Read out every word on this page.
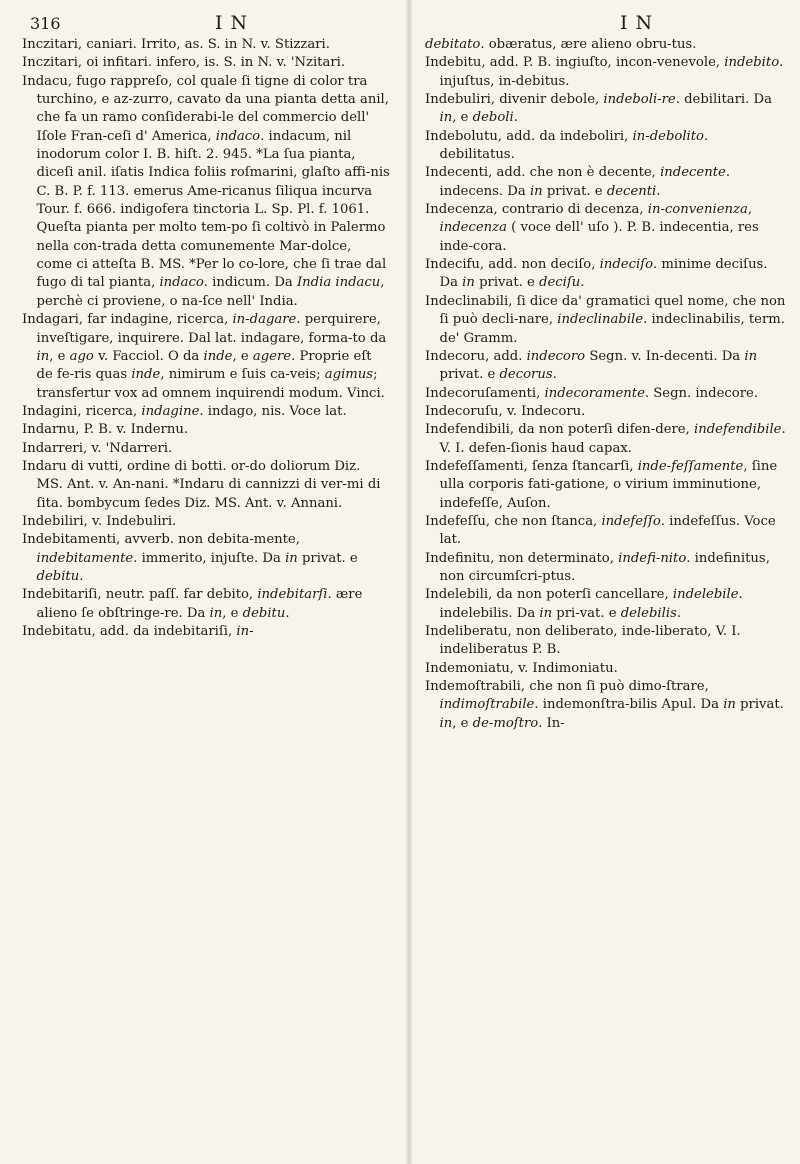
316	I N	I N

Inczitari, caniari. Irrito, as. S. in N. v. Stizzari.

Inczitari, oi infitari. infero, is. S. in N. v. 'Nzitari.

Indacu, fugo rappreſo, col quale ſi tigne di color tra turchino, e az-zurro, cavato da una pianta detta anil, che fa un ramo conſiderabi-le del commercio dell' Iſole Fran-ceſi d' America, indaco. indacum, nil inodorum color I. B. hiſt. 2. 945. *La ſua pianta, diceſi anil. iſatis Indica foliis roſmarini, glaſto affi-nis C. B. P. f. 113. emerus Ame-ricanus ſiliqua incurva Tour. f. 666. indigofera tinctoria L. Sp. Pl. f. 1061. Queſta pianta per molto tem-po ſi coltivò in Palermo nella con-trada detta comunemente Mar-dolce, come ci atteſta B. MS. *Per lo co-lore, che ſi trae dal fugo di tal pianta, indaco. indicum. Da India indacu, perchè ci proviene, o na-ſce nell' India.

Indagari, far indagine, ricerca, in-dagare. perquirere, inveſtigare, inquirere. Dal lat. indagare, forma-to da in, e ago v. Facciol. O da inde, e agere. Proprie eſt de fe-ris quas inde, nimirum e ſuis ca-veis; agimus; transfertur vox ad omnem inquirendi modum. Vinci.

Indagini, ricerca, indagine. indago, nis. Voce lat.

Indarnu, P. B. v. Indernu.

Indarreri, v. 'Ndarreri.

Indaru di vutti, ordine di botti. or-do doliorum Diz. MS. Ant. v. An-nani. *Indaru di cannizzi di ver-mi di ſita. bombycum ſedes Diz. MS. Ant. v. Annani.

Indebiliri, v. Indebuliri.

Indebitamenti, avverb. non debita-mente, indebitamente. immerito, injuſte. Da in privat. e debitu.

Indebitariſi, neutr. paſſ. far debito, indebitarſi. ære alieno ſe obſtringe-re. Da in, e debitu.

Indebitatu, add. da indebitariſi, in-

debitato. obæratus, ære alieno obru-tus.

Indebitu, add. P. B. ingiuſto, incon-venevole, indebito. injuſtus, in-debitus.

Indebuliri, divenir debole, indeboli-re. debilitari. Da in, e deboli.

Indebolutu, add. da indeboliri, in-debolito. debilitatus.

Indecenti, add. che non è decente, indecente. indecens. Da in privat. e decenti.

Indecenza, contrario di decenza, in-convenienza, indecenza ( voce dell' uſo ). P. B. indecentia, res inde-cora.

Indecifu, add. non deciſo, indeciſo. minime deciſus. Da in privat. e deciſu.

Indeclinabili, ſi dice da' gramatici quel nome, che non ſi può decli-nare, indeclinabile. indeclinabilis, term. de' Gramm.

Indecoru, add. indecoro Segn. v. In-decenti. Da in privat. e decorus.

Indecoruſamenti, indecoramente. Segn. indecore.

Indecoruſu, v. Indecoru.

Indefendibili, da non poterſi difen-dere, indefendibile. V. I. defen-ſionis haud capax.

Indefeſſamenti, ſenza ſtancarſi, inde-feſſamente, ſine ulla corporis fati-gatione, o virium imminutione, indefeſſe, Auſon.

Indefeſſu, che non ſtanca, indefeſſo. indefeſſus. Voce lat.

Indefinitu, non determinato, indefi-nito. indefinitus, non circumſcri-ptus.

Indelebili, da non poterſi cancellare, indelebile. indelebilis. Da in pri-vat. e delebilis.

Indeliberatu, non deliberato, inde-liberato, V. I. indeliberatus P. B.

Indemoniatu, v. Indimoniatu.

Indemoſtrabili, che non ſi può dimo-ſtrare, indimoſtrabile. indemonſtra-bilis Apul. Da in privat. in, e de-moſtro. In-
